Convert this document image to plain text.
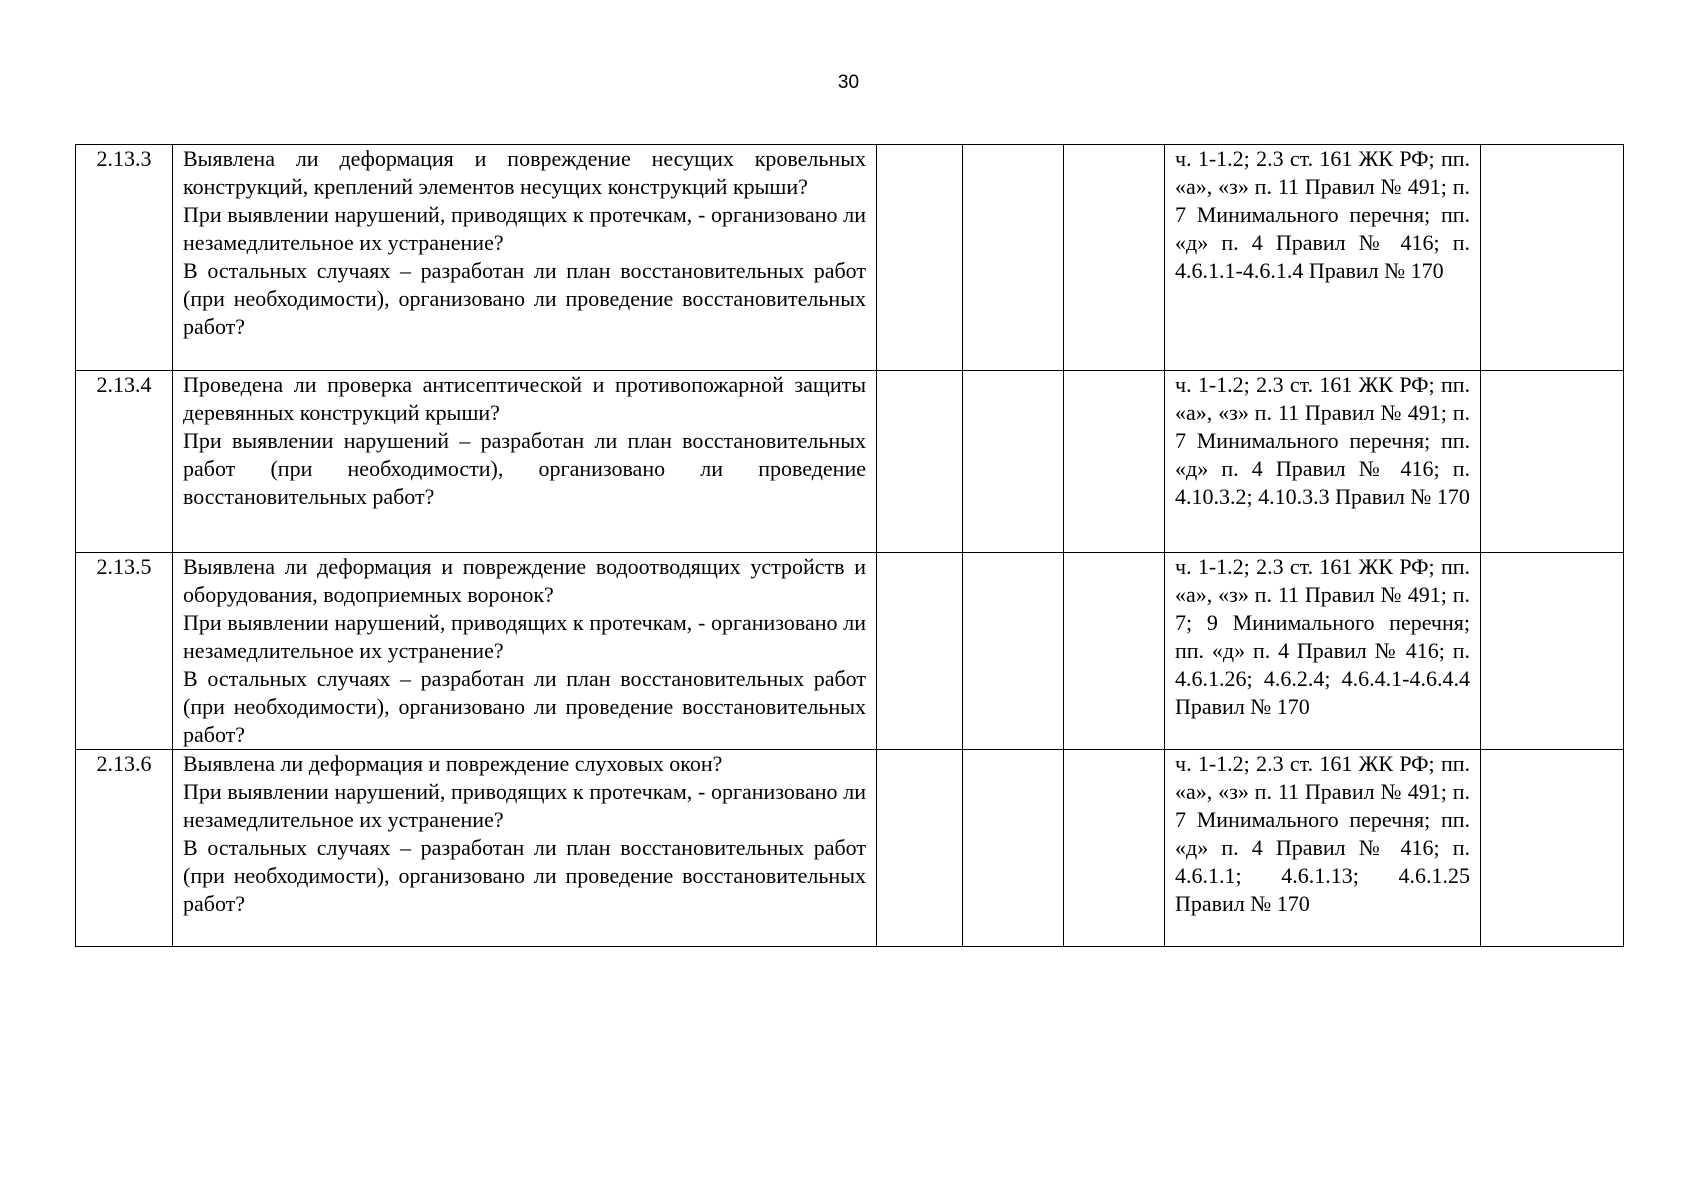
30
2.13.3	Выявлена ли деформация и повреждение несущих кровельных конструкций, креплений элементов несущих конструкций крыши?
При выявлении нарушений, приводящих к протечкам, - организовано ли незамедлительное их устранение?
В остальных случаях – разработан ли план восстановительных работ (при необходимости), организовано ли проведение восстановительных работ?				ч. 1-1.2; 2.3 ст. 161 ЖК РФ; пп. «а», «з» п. 11 Правил № 491; п. 7 Минимального перечня; пп. «д» п. 4 Правил № 416; п. 4.6.1.1-4.6.1.4 Правил № 170	

2.13.4	Проведена ли проверка антисептической и противопожарной защиты деревянных конструкций крыши?
При выявлении нарушений – разработан ли план восстановительных работ (при необходимости), организовано ли проведение восстановительных работ?				ч. 1-1.2; 2.3 ст. 161 ЖК РФ; пп. «а», «з» п. 11 Правил № 491; п. 7 Минимального перечня; пп. «д» п. 4 Правил № 416; п. 4.10.3.2; 4.10.3.3 Правил № 170	

2.13.5	Выявлена ли деформация и повреждение водоотводящих устройств и оборудования, водоприемных воронок?
При выявлении нарушений, приводящих к протечкам, - организовано ли незамедлительное их устранение?
В остальных случаях – разработан ли план восстановительных работ (при необходимости), организовано ли проведение восстановительных работ?				ч. 1-1.2; 2.3 ст. 161 ЖК РФ; пп. «а», «з» п. 11 Правил № 491; п. 7; 9 Минимального перечня; пп. «д» п. 4 Правил № 416; п. 4.6.1.26; 4.6.2.4; 4.6.4.1-4.6.4.4 Правил № 170	

2.13.6	Выявлена ли деформация и повреждение слуховых окон?
При выявлении нарушений, приводящих к протечкам, - организовано ли незамедлительное их устранение?
В остальных случаях – разработан ли план восстановительных работ (при необходимости), организовано ли проведение восстановительных работ?				ч. 1-1.2; 2.3 ст. 161 ЖК РФ; пп. «а», «з» п. 11 Правил № 491; п. 7 Минимального перечня; пп. «д» п. 4 Правил № 416; п. 4.6.1.1; 4.6.1.13; 4.6.1.25 Правил № 170	
